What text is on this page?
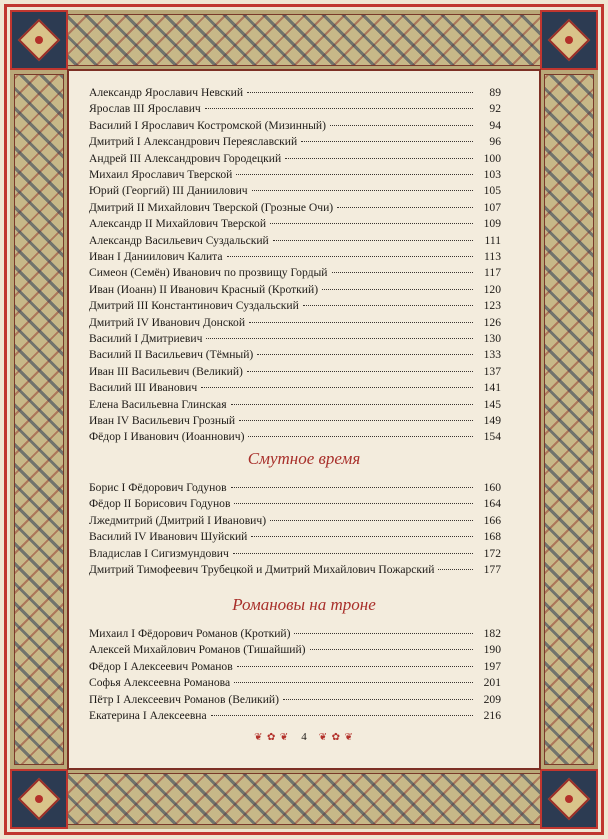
Смутное время
Романовы на троне
❦ ✿ ❦ 4 ❦ ✿ ❦
Александр Ярославич Невский	89
Ярослав III Ярославич	92
Василий I Ярославич Костромской (Мизинный)	94
Дмитрий I Александрович Переяславский	96
Андрей III Александрович Городецкий	100
Михаил Ярославич Тверской	103
Юрий (Георгий) III Даниилович	105
Дмитрий II Михайлович Тверской (Грозные Очи)	107
Александр II Михайлович Тверской	109
Александр Васильевич Суздальский	111
Иван I Даниилович Калита	113
Симеон (Семён) Иванович по прозвищу Гордый	117
Иван (Иоанн) II Иванович Красный (Кроткий)	120
Дмитрий III Константинович Суздальский	123
Дмитрий IV Иванович Донской	126
Василий I Дмитриевич	130
Василий II Васильевич (Тёмный)	133
Иван III Васильевич (Великий)	137
Василий III Иванович	141
Елена Васильевна Глинская	145
Иван IV Васильевич Грозный	149
Фёдор I Иванович (Иоаннович)	154
Борис I Фёдорович Годунов	160
Фёдор II Борисович Годунов	164
Лжедмитрий (Дмитрий I Иванович)	166
Василий IV Иванович Шуйский	168
Владислав I Сигизмундович	172
Дмитрий Тимофеевич Трубецкой и Дмитрий Михайлович Пожарский	177
Михаил I Фёдорович Романов (Кроткий)	182
Алексей Михайлович Романов (Тишайший)	190
Фёдор I Алексеевич Романов	197
Софья Алексеевна Романова	201
Пётр I Алексеевич Романов (Великий)	209
Екатерина I Алексеевна	216
